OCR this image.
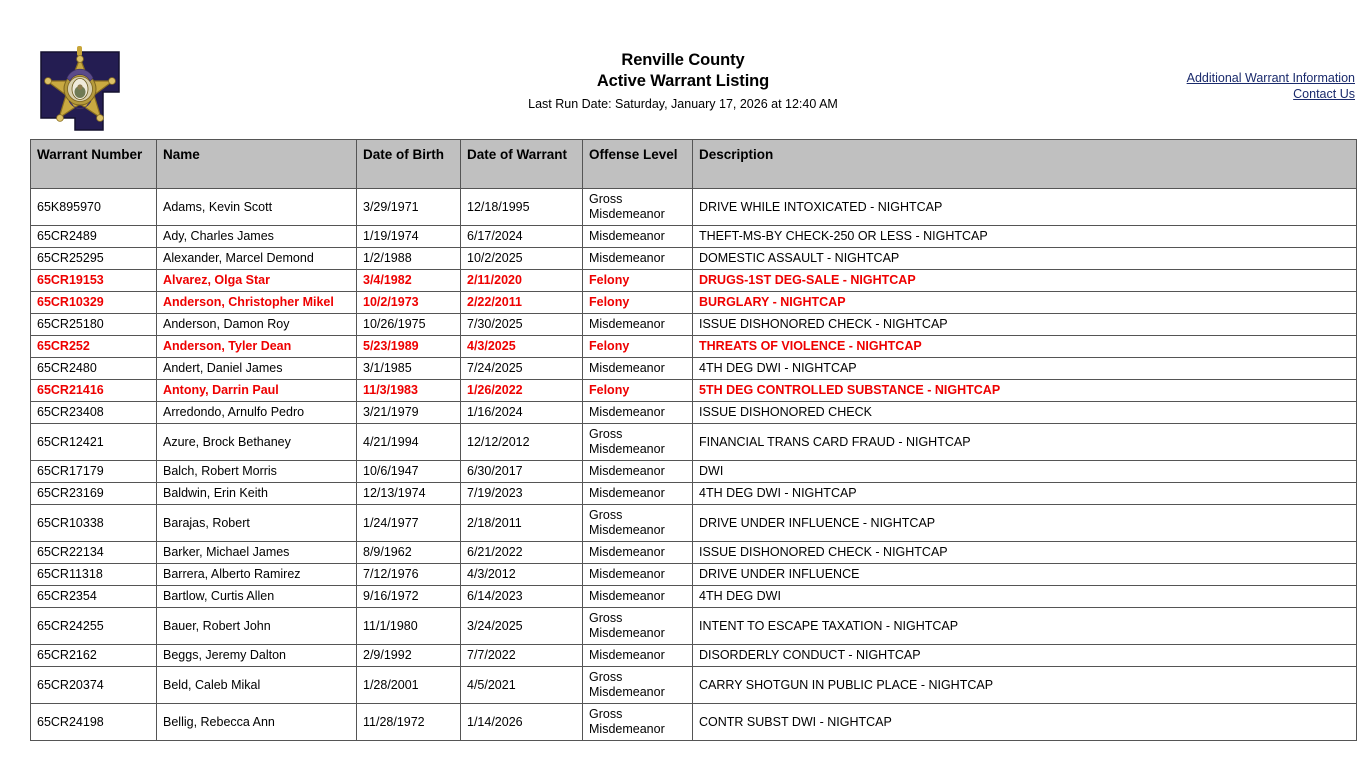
Renville County
Active Warrant Listing
Last Run Date: Saturday, January 17, 2026 at 12:40 AM
Additional Warrant Information
Contact Us
Warrant Number	Name	Date of Birth	Date of Warrant	Offense Level	Description
65K895970	Adams, Kevin Scott	3/29/1971	12/18/1995	Gross Misdemeanor	DRIVE WHILE INTOXICATED - NIGHTCAP
65CR2489	Ady, Charles James	1/19/1974	6/17/2024	Misdemeanor	THEFT-MS-BY CHECK-250 OR LESS - NIGHTCAP
65CR25295	Alexander, Marcel Demond	1/2/1988	10/2/2025	Misdemeanor	DOMESTIC ASSAULT - NIGHTCAP
65CR19153	Alvarez, Olga Star	3/4/1982	2/11/2020	Felony	DRUGS-1ST DEG-SALE - NIGHTCAP
65CR10329	Anderson, Christopher Mikel	10/2/1973	2/22/2011	Felony	BURGLARY - NIGHTCAP
65CR25180	Anderson, Damon Roy	10/26/1975	7/30/2025	Misdemeanor	ISSUE DISHONORED CHECK - NIGHTCAP
65CR252	Anderson, Tyler Dean	5/23/1989	4/3/2025	Felony	THREATS OF VIOLENCE - NIGHTCAP
65CR2480	Andert, Daniel James	3/1/1985	7/24/2025	Misdemeanor	4TH DEG DWI - NIGHTCAP
65CR21416	Antony, Darrin Paul	11/3/1983	1/26/2022	Felony	5TH DEG CONTROLLED SUBSTANCE - NIGHTCAP
65CR23408	Arredondo, Arnulfo Pedro	3/21/1979	1/16/2024	Misdemeanor	ISSUE DISHONORED CHECK
65CR12421	Azure, Brock Bethaney	4/21/1994	12/12/2012	Gross Misdemeanor	FINANCIAL TRANS CARD FRAUD - NIGHTCAP
65CR17179	Balch, Robert Morris	10/6/1947	6/30/2017	Misdemeanor	DWI
65CR23169	Baldwin, Erin Keith	12/13/1974	7/19/2023	Misdemeanor	4TH DEG DWI - NIGHTCAP
65CR10338	Barajas, Robert	1/24/1977	2/18/2011	Gross Misdemeanor	DRIVE UNDER INFLUENCE - NIGHTCAP
65CR22134	Barker, Michael James	8/9/1962	6/21/2022	Misdemeanor	ISSUE DISHONORED CHECK - NIGHTCAP
65CR11318	Barrera, Alberto Ramirez	7/12/1976	4/3/2012	Misdemeanor	DRIVE UNDER INFLUENCE
65CR2354	Bartlow, Curtis Allen	9/16/1972	6/14/2023	Misdemeanor	4TH DEG DWI
65CR24255	Bauer, Robert John	11/1/1980	3/24/2025	Gross Misdemeanor	INTENT TO ESCAPE TAXATION - NIGHTCAP
65CR2162	Beggs, Jeremy Dalton	2/9/1992	7/7/2022	Misdemeanor	DISORDERLY CONDUCT - NIGHTCAP
65CR20374	Beld, Caleb Mikal	1/28/2001	4/5/2021	Gross Misdemeanor	CARRY SHOTGUN IN PUBLIC PLACE - NIGHTCAP
65CR24198	Bellig, Rebecca Ann	11/28/1972	1/14/2026	Gross Misdemeanor	CONTR SUBST DWI - NIGHTCAP
